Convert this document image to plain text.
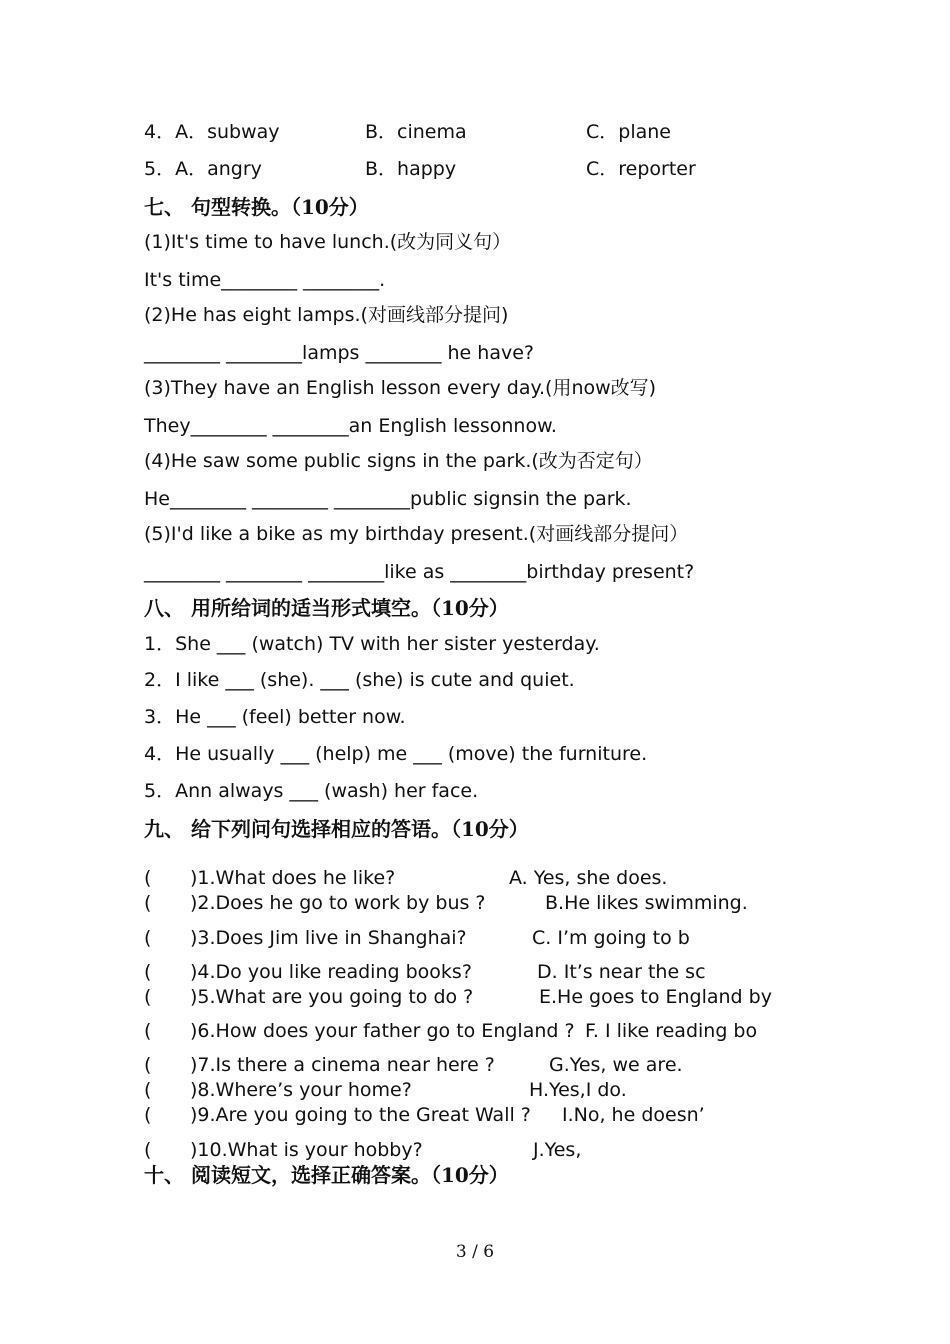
4．A．subway	B．cinema	C．plane
5．A．angry	B．happy	C．reporter
七、 句型转换。（10分）
(1)It's time to have lunch.(改为同义句）
It's time________ ________.
(2)He has eight lamps.(对画线部分提问)
________ ________lamps ________ he have?
(3)They have an English lesson every day.(用now改写)
They________ ________an English lessonnow.
(4)He saw some public signs in the park.(改为否定句）
He________ ________ ________public signsin the park.
(5)I'd like a bike as my birthday present.(对画线部分提问）
________ ________ ________like as ________birthday present?
八、 用所给词的适当形式填空。（10分）
1．She ___ (watch) TV with her sister yesterday.
2．I like ___ (she). ___ (she) is cute and quiet.
3．He ___ (feel) better now.
4．He usually ___ (help) me ___ (move) the furniture.
5．Ann always ___ (wash) her face.
九、 给下列问句选择相应的答语。（10分）
( )1.What does he like?	A. Yes, she does.
( )2.Does he go to work by bus ?	B.He likes swimming.
( )3.Does Jim live in Shanghai?	C. I’m going to b
( )4.Do you like reading books?	D. It’s near the sc
( )5.What are you going to do ?	E.He goes to England by
( )6.How does your father go to England ? F. I like reading bo
( )7.Is there a cinema near here ?	G.Yes, we are.
( )8.Where’s your home?	H.Yes,I do.
( )9.Are you going to the Great Wall ? I.No, he doesn’
( )10.What is your hobby?	J.Yes,
十、 阅读短文，选择正确答案。（10分）
3 / 6
